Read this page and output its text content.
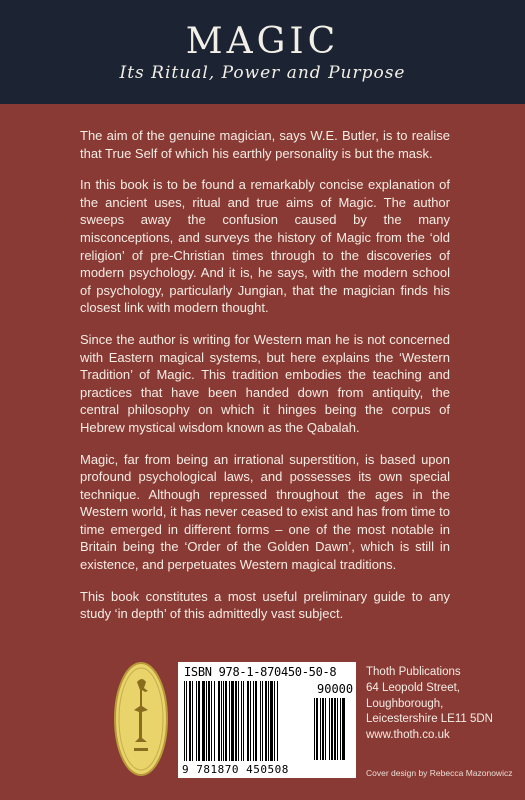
MAGIC
Its Ritual, Power and Purpose

The aim of the genuine magician, says W.E. Butler, is to realise that True Self of which his earthly personality is but the mask.

In this book is to be found a remarkably concise explanation of the ancient uses, ritual and true aims of Magic. The author sweeps away the confusion caused by the many misconceptions, and surveys the history of Magic from the ‘old religion’ of pre-Christian times through to the discoveries of modern psychology. And it is, he says, with the modern school of psychology, particularly Jungian, that the magician finds his closest link with modern thought.

Since the author is writing for Western man he is not concerned with Eastern magical systems, but here explains the ‘Western Tradition’ of Magic. This tradition embodies the teaching and practices that have been handed down from antiquity, the central philosophy on which it hinges being the corpus of Hebrew mystical wisdom known as the Qabalah.

Magic, far from being an irrational superstition, is based upon profound psychological laws, and possesses its own special technique. Although repressed throughout the ages in the Western world, it has never ceased to exist and has from time to time emerged in different forms – one of the most notable in Britain being the ‘Order of the Golden Dawn’, which is still in existence, and perpetuates Western magical traditions.

This book constitutes a most useful preliminary guide to any study ‘in depth’ of this admittedly vast subject.

ISBN 978-1-870450-50-8
90000
9 781870 450508
Thoth Publications
64 Leopold Street,
Loughborough,
Leicestershire LE11 5DN
www.thoth.co.uk
Cover design by Rebecca Mazonowicz
